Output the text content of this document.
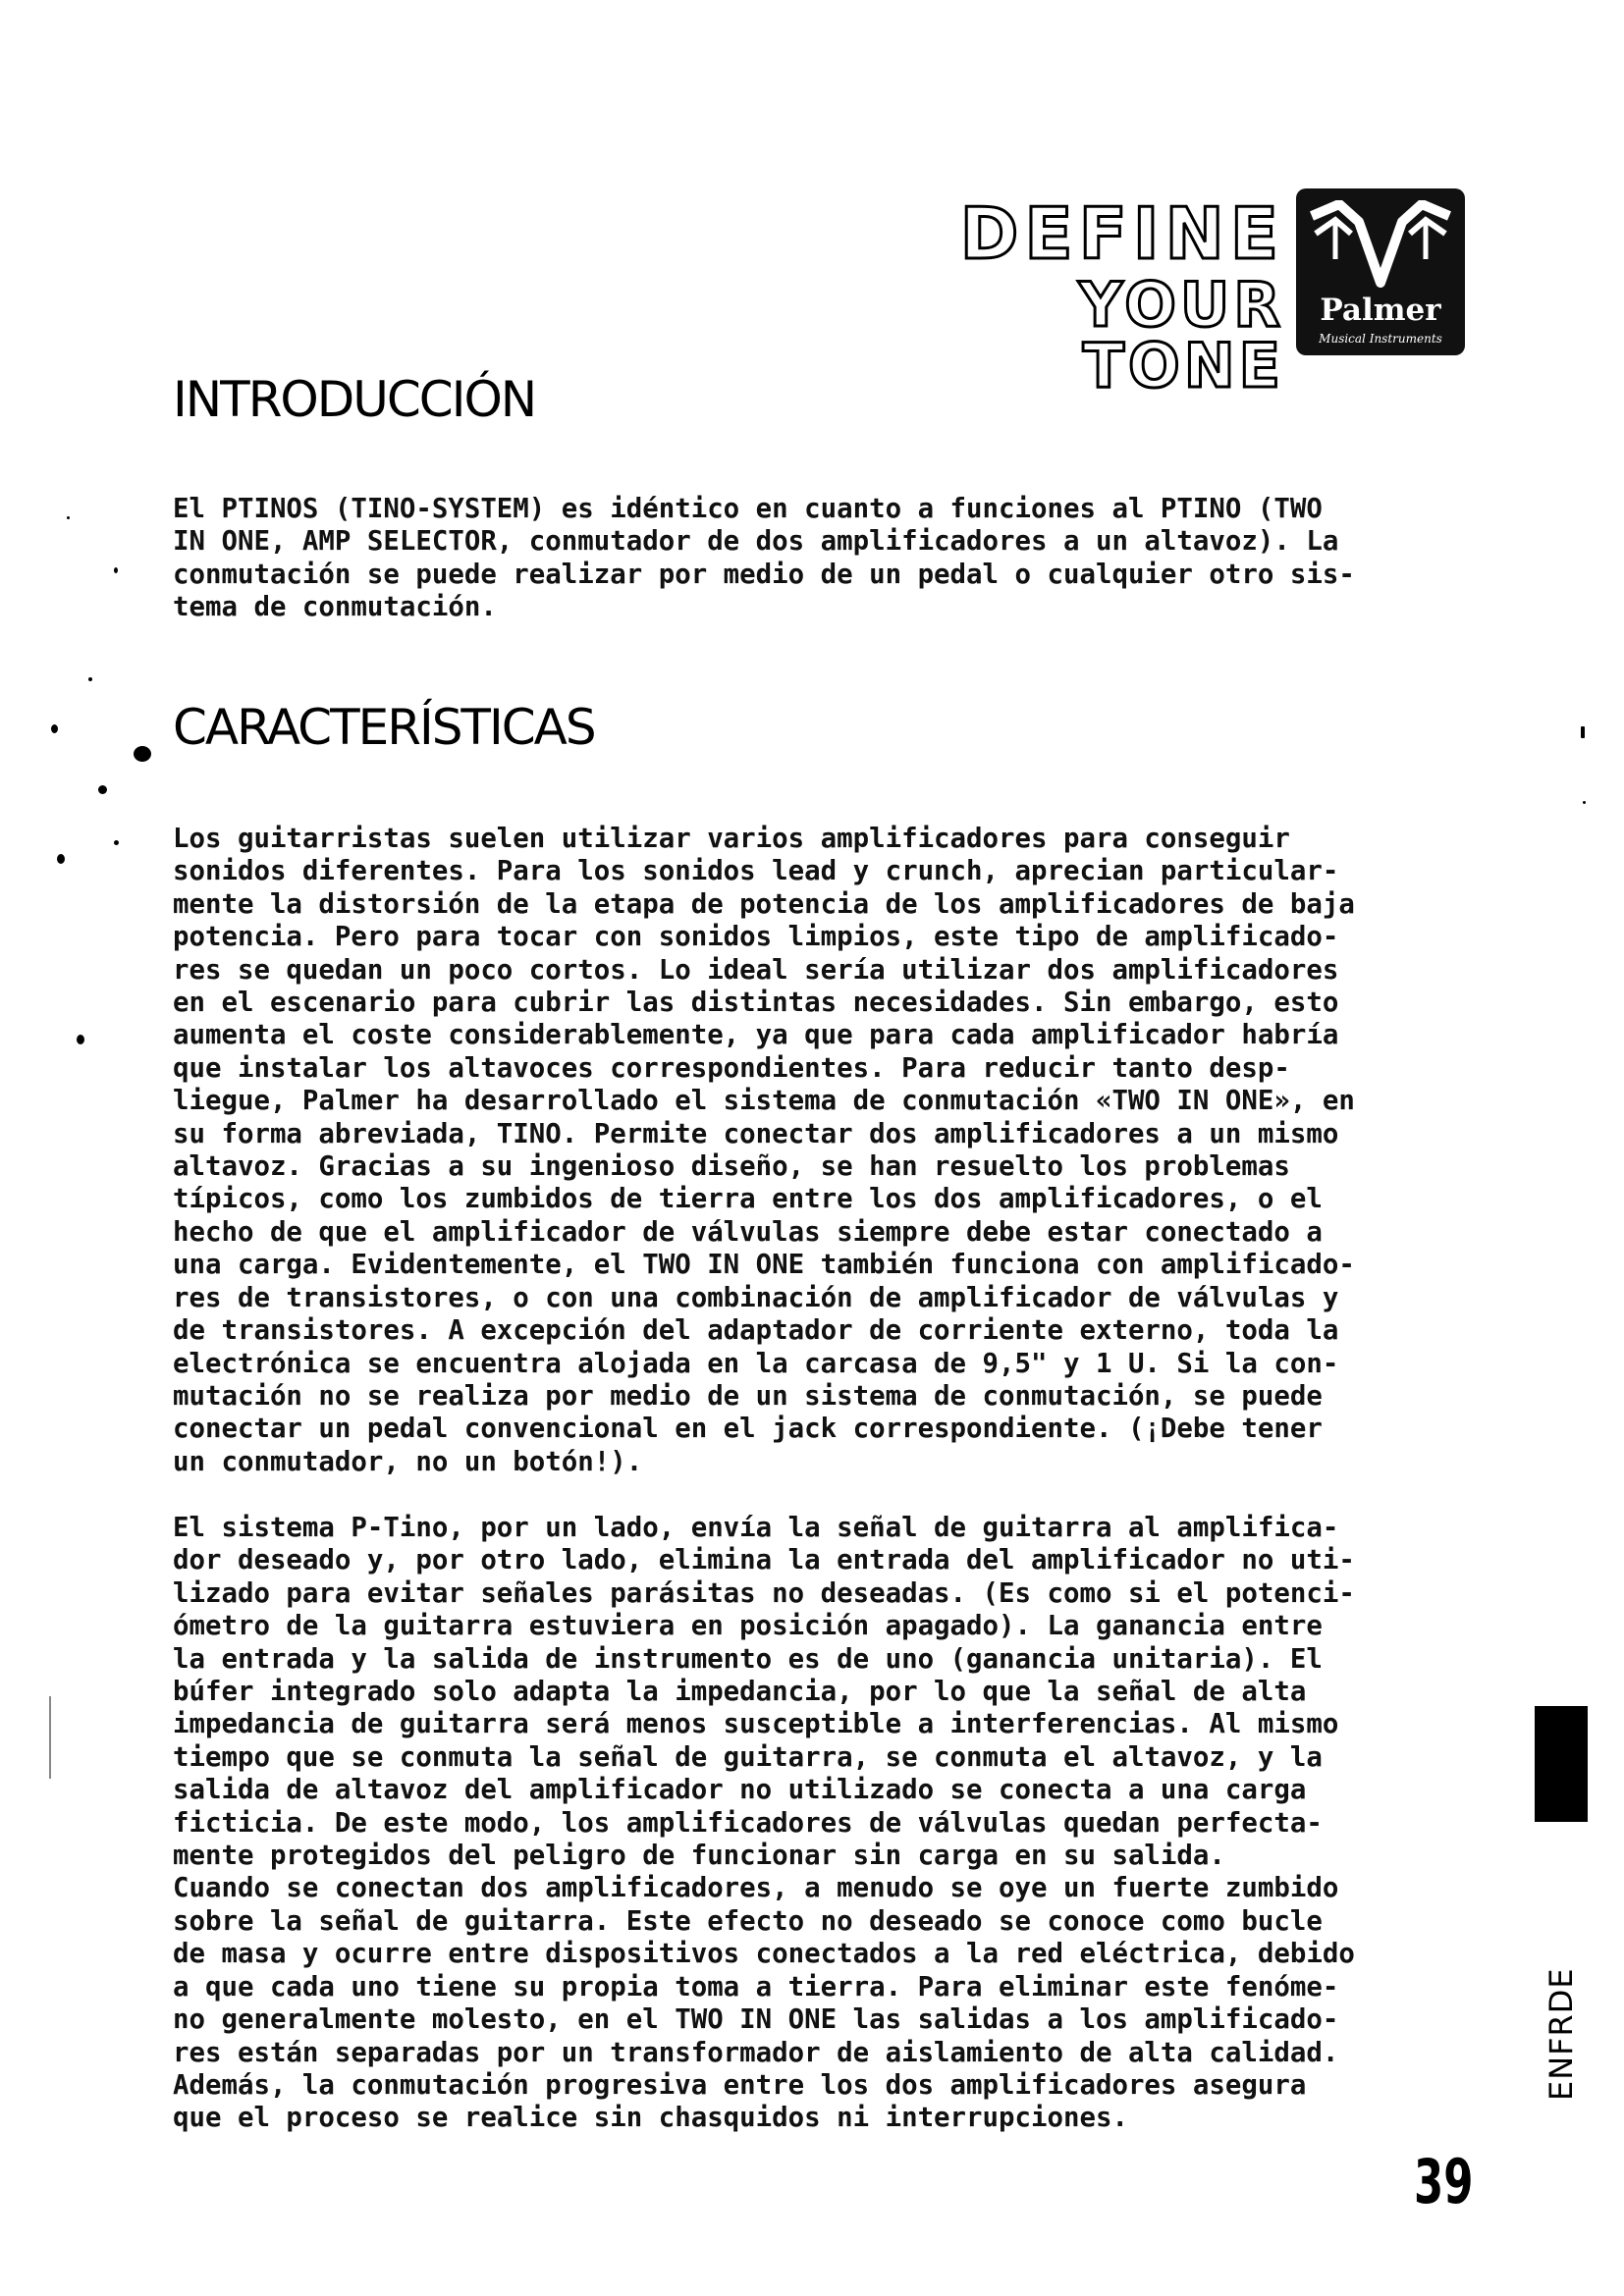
DEFINE
YOUR TONE
Palmer
Musical Instruments
INTRODUCCIÓN

El PTINOS (TINO-SYSTEM) es idéntico en cuanto a funciones al PTINO (TWO
IN ONE, AMP SELECTOR, conmutador de dos amplificadores a un altavoz). La
conmutación se puede realizar por medio de un pedal o cualquier otro sis-
tema de conmutación.

CARACTERÍSTICAS

Los guitarristas suelen utilizar varios amplificadores para conseguir
sonidos diferentes. Para los sonidos lead y crunch, aprecian particular-
mente la distorsión de la etapa de potencia de los amplificadores de baja
potencia. Pero para tocar con sonidos limpios, este tipo de amplificado-
res se quedan un poco cortos. Lo ideal sería utilizar dos amplificadores
en el escenario para cubrir las distintas necesidades. Sin embargo, esto
aumenta el coste considerablemente, ya que para cada amplificador habría
que instalar los altavoces correspondientes. Para reducir tanto desp-
liegue, Palmer ha desarrollado el sistema de conmutación «TWO IN ONE», en
su forma abreviada, TINO. Permite conectar dos amplificadores a un mismo
altavoz. Gracias a su ingenioso diseño, se han resuelto los problemas
típicos, como los zumbidos de tierra entre los dos amplificadores, o el
hecho de que el amplificador de válvulas siempre debe estar conectado a
una carga. Evidentemente, el TWO IN ONE también funciona con amplificado-
res de transistores, o con una combinación de amplificador de válvulas y
de transistores. A excepción del adaptador de corriente externo, toda la
electrónica se encuentra alojada en la carcasa de 9,5" y 1 U. Si la con-
mutación no se realiza por medio de un sistema de conmutación, se puede
conectar un pedal convencional en el jack correspondiente. (¡Debe tener
un conmutador, no un botón!).

El sistema P-Tino, por un lado, envía la señal de guitarra al amplifica-
dor deseado y, por otro lado, elimina la entrada del amplificador no uti-
lizado para evitar señales parásitas no deseadas. (Es como si el potenci-
ómetro de la guitarra estuviera en posición apagado). La ganancia entre
la entrada y la salida de instrumento es de uno (ganancia unitaria). El
búfer integrado solo adapta la impedancia, por lo que la señal de alta
impedancia de guitarra será menos susceptible a interferencias. Al mismo
tiempo que se conmuta la señal de guitarra, se conmuta el altavoz, y la
salida de altavoz del amplificador no utilizado se conecta a una carga
ficticia. De este modo, los amplificadores de válvulas quedan perfecta-
mente protegidos del peligro de funcionar sin carga en su salida.
Cuando se conectan dos amplificadores, a menudo se oye un fuerte zumbido
sobre la señal de guitarra. Este efecto no deseado se conoce como bucle
de masa y ocurre entre dispositivos conectados a la red eléctrica, debido
a que cada uno tiene su propia toma a tierra. Para eliminar este fenóme-
no generalmente molesto, en el TWO IN ONE las salidas a los amplificado-
res están separadas por un transformador de aislamiento de alta calidad.
Además, la conmutación progresiva entre los dos amplificadores asegura
que el proceso se realice sin chasquidos ni interrupciones.

ENFRDE
39
